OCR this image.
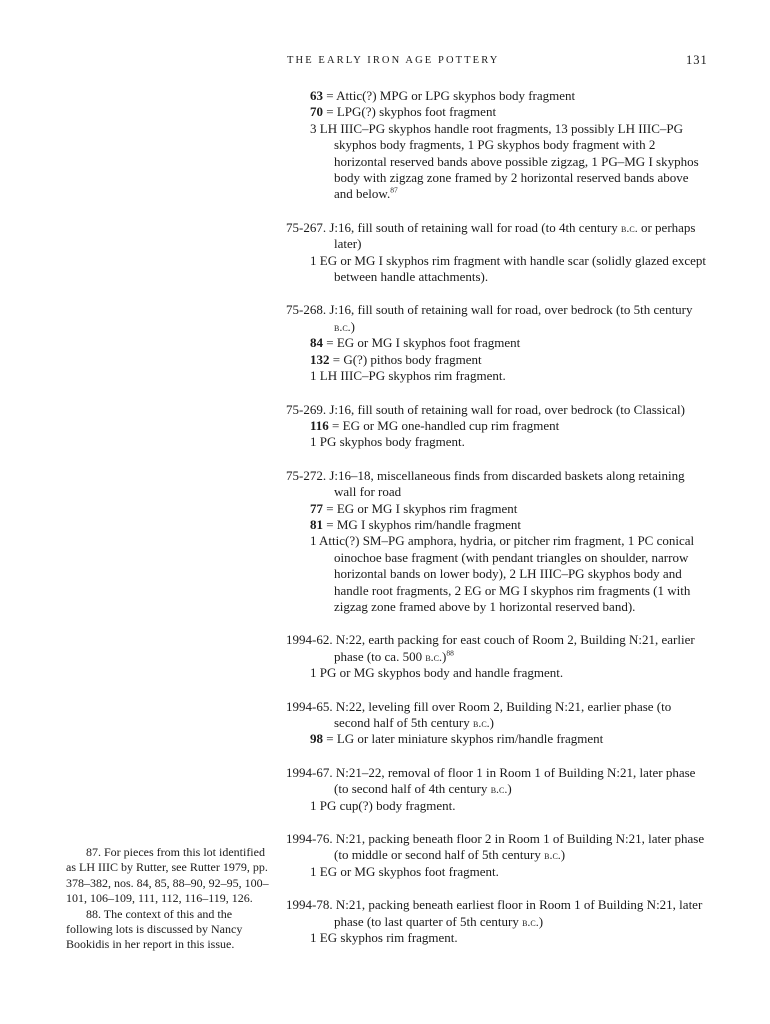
THE EARLY IRON AGE POTTERY	131
63 = Attic(?) MPG or LPG skyphos body fragment
70 = LPG(?) skyphos foot fragment
3 LH IIIC–PG skyphos handle root fragments, 13 possibly LH IIIC–PG skyphos body fragments, 1 PG skyphos body fragment with 2 horizontal reserved bands above possible zigzag, 1 PG–MG I skyphos body with zigzag zone framed by 2 horizontal reserved bands above and below.$^{87}$
75-267. J:16, fill south of retaining wall for road (to 4th century b.c. or perhaps later)
1 EG or MG I skyphos rim fragment with handle scar (solidly glazed except between handle attachments).
75-268. J:16, fill south of retaining wall for road, over bedrock (to 5th century b.c.)
84 = EG or MG I skyphos foot fragment
132 = G(?) pithos body fragment
1 LH IIIC–PG skyphos rim fragment.
75-269. J:16, fill south of retaining wall for road, over bedrock (to Classical)
116 = EG or MG one-handled cup rim fragment
1 PG skyphos body fragment.
75-272. J:16–18, miscellaneous finds from discarded baskets along retaining wall for road
77 = EG or MG I skyphos rim fragment
81 = MG I skyphos rim/handle fragment
1 Attic(?) SM–PG amphora, hydria, or pitcher rim fragment, 1 PC conical oinochoe base fragment (with pendant triangles on shoulder, narrow horizontal bands on lower body), 2 LH IIIC–PG skyphos body and handle root fragments, 2 EG or MG I skyphos rim fragments (1 with zigzag zone framed above by 1 horizontal reserved band).
1994-62. N:22, earth packing for east couch of Room 2, Building N:21, earlier phase (to ca. 500 b.c.)$^{88}$
1 PG or MG skyphos body and handle fragment.
1994-65. N:22, leveling fill over Room 2, Building N:21, earlier phase (to second half of 5th century b.c.)
98 = LG or later miniature skyphos rim/handle fragment
1994-67. N:21–22, removal of floor 1 in Room 1 of Building N:21, later phase (to second half of 4th century b.c.)
1 PG cup(?) body fragment.
1994-76. N:21, packing beneath floor 2 in Room 1 of Building N:21, later phase (to middle or second half of 5th century b.c.)
1 EG or MG skyphos foot fragment.
1994-78. N:21, packing beneath earliest floor in Room 1 of Building N:21, later phase (to last quarter of 5th century b.c.)
1 EG skyphos rim fragment.

87. For pieces from this lot identified as LH IIIC by Rutter, see Rutter 1979, pp. 378–382, nos. 84, 85, 88–90, 92–95, 100–101, 106–109, 111, 112, 116–119, 126.

88. The context of this and the following lots is discussed by Nancy Bookidis in her report in this issue.
